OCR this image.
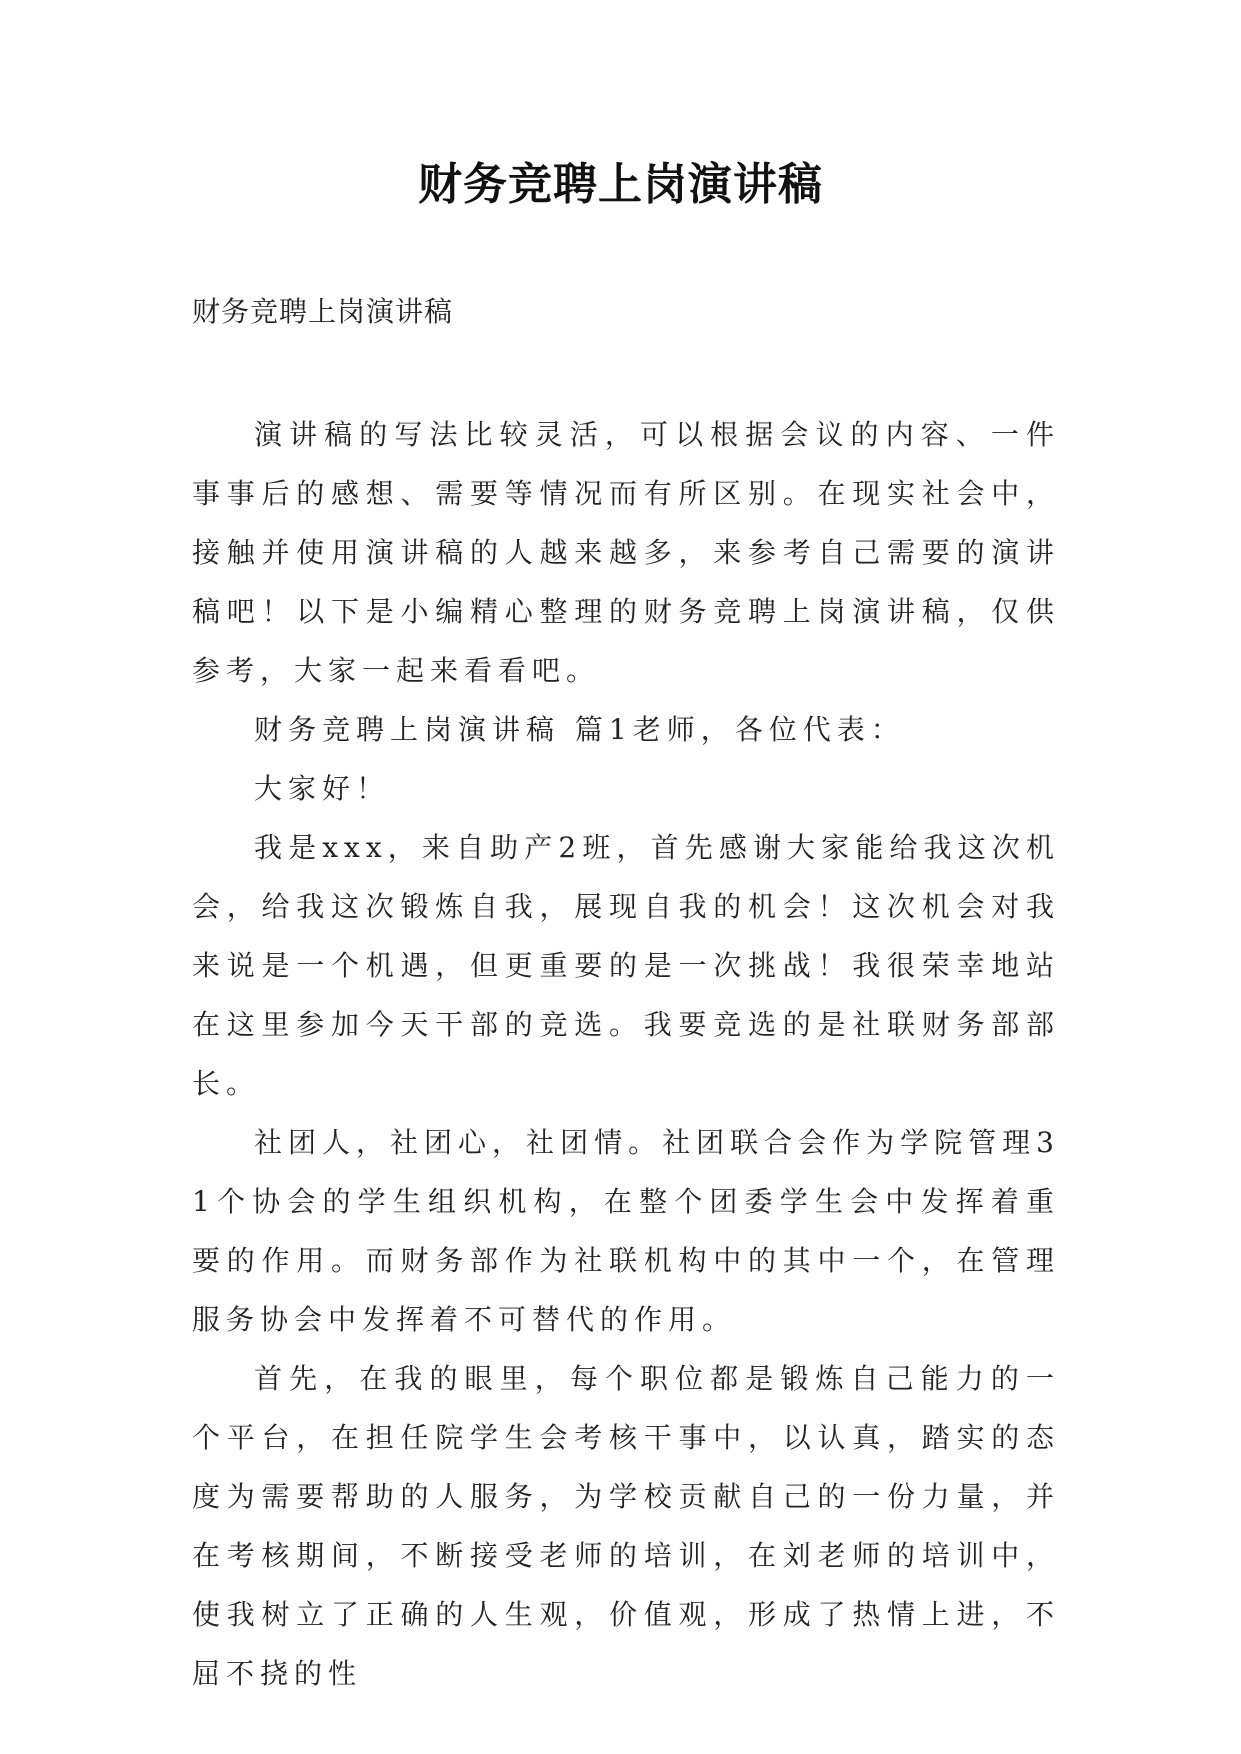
财务竞聘上岗演讲稿
财务竞聘上岗演讲稿

演讲稿的写法比较灵活，可以根据会议的内容、一件事事后的感想、需要等情况而有所区别。在现实社会中，接触并使用演讲稿的人越来越多，来参考自己需要的演讲稿吧！以下是小编精心整理的财务竞聘上岗演讲稿，仅供参考，大家一起来看看吧。

财务竞聘上岗演讲稿 篇1老师，各位代表：

大家好！

我是xxx，来自助产2班，首先感谢大家能给我这次机会，给我这次锻炼自我，展现自我的机会！这次机会对我来说是一个机遇，但更重要的是一次挑战！我很荣幸地站在这里参加今天干部的竞选。我要竞选的是社联财务部部长。

社团人，社团心，社团情。社团联合会作为学院管理31个协会的学生组织机构，在整个团委学生会中发挥着重要的作用。而财务部作为社联机构中的其中一个，在管理服务协会中发挥着不可替代的作用。

首先，在我的眼里，每个职位都是锻炼自己能力的一个平台，在担任院学生会考核干事中，以认真，踏实的态度为需要帮助的人服务，为学校贡献自己的一份力量，并在考核期间，不断接受老师的培训，在刘老师的培训中，使我树立了正确的人生观，价值观，形成了热情上进，不屈不挠的性
